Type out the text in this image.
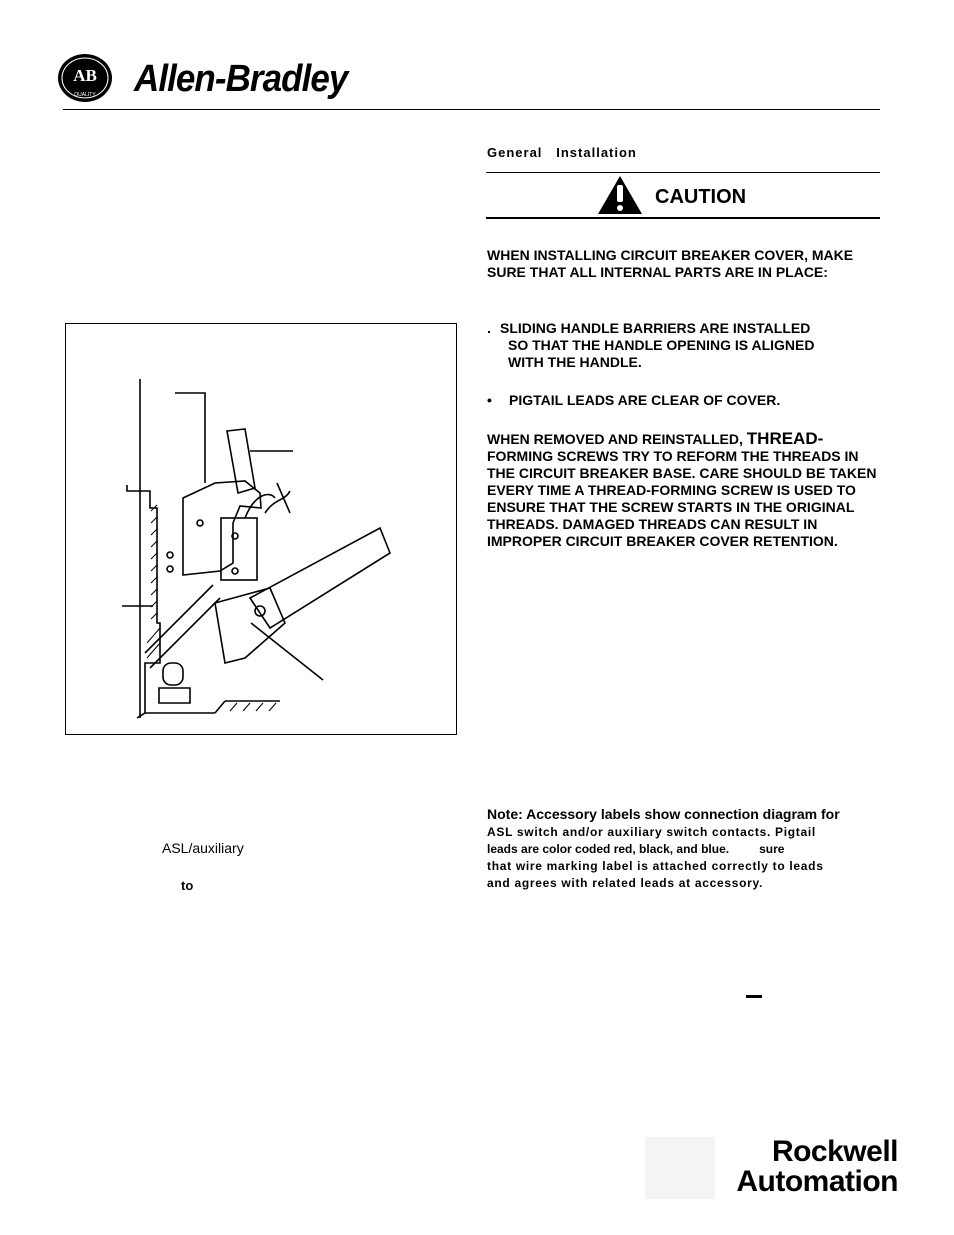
AB
QUALITY Allen-Bradley
General   Installation
CAUTION
WHEN INSTALLING CIRCUIT BREAKER COVER, MAKE SURE THAT ALL INTERNAL PARTS ARE IN PLACE:
. SLIDING HANDLE BARRIERS ARE INSTALLED
SO THAT THE HANDLE OPENING IS ALIGNED
WITH THE HANDLE.
• PIGTAIL LEADS ARE CLEAR OF COVER.
WHEN REMOVED AND REINSTALLED, THREAD- FORMING SCREWS TRY TO REFORM THE THREADS IN THE CIRCUIT BREAKER BASE. CARE SHOULD BE TAKEN EVERY TIME A THREAD-FORMING SCREW IS USED TO ENSURE THAT THE SCREW STARTS IN THE ORIGINAL THREADS. DAMAGED THREADS CAN RESULT IN IMPROPER CIRCUIT BREAKER COVER RETENTION.
ASL/auxiliary
to
Note: Accessory labels show connection diagram for
ASL switch and/or auxiliary switch contacts. Pigtail
leads are color coded red, black, and blue.         sure
that wire marking label is attached correctly to leads
and agrees with related leads at accessory.
Rockwell
Automation
